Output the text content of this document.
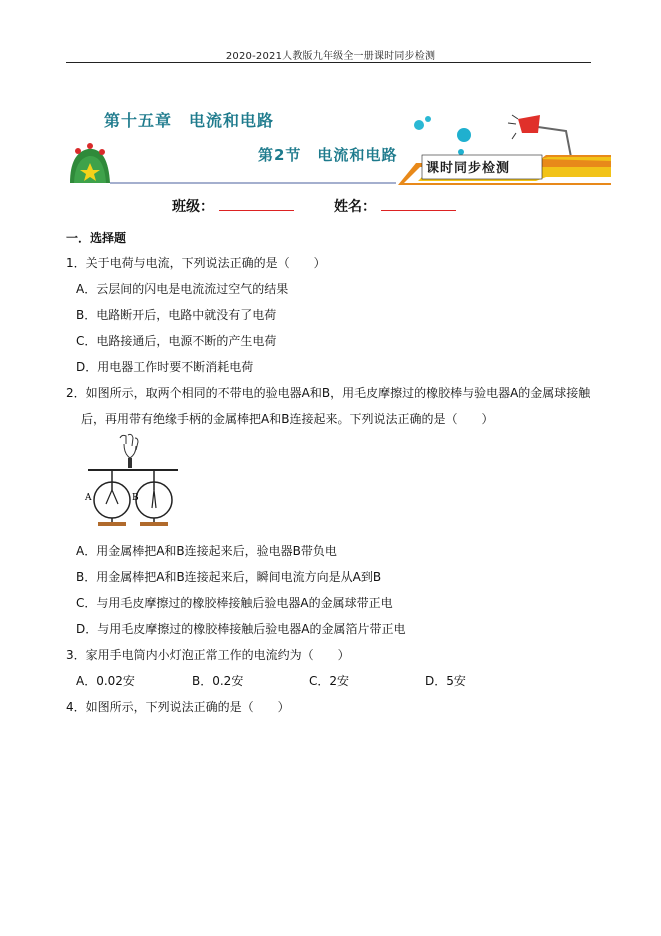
2020-2021人教版九年级全一册课时同步检测
第十五章　电流和电路
第2节　电流和电路
课时同步检测
班级：	姓名：
一．选择题
1．关于电荷与电流，下列说法正确的是（　　）
A．云层间的闪电是电流流过空气的结果
B．电路断开后，电路中就没有了电荷
C．电路接通后，电源不断的产生电荷
D．用电器工作时要不断消耗电荷
2．如图所示，取两个相同的不带电的验电器A和B，用毛皮摩擦过的橡胶棒与验电器A的金属球接触
后，再用带有绝缘手柄的金属棒把A和B连接起来。下列说法正确的是（　　）
A	B
A．用金属棒把A和B连接起来后，验电器B带负电
B．用金属棒把A和B连接起来后，瞬间电流方向是从A到B
C．与用毛皮摩擦过的橡胶棒接触后验电器A的金属球带正电
D．与用毛皮摩擦过的橡胶棒接触后验电器A的金属箔片带正电
3．家用手电筒内小灯泡正常工作的电流约为（　　）
A．0.02安	B．0.2安	C．2安	D．5安
4．如图所示，下列说法正确的是（　　）
